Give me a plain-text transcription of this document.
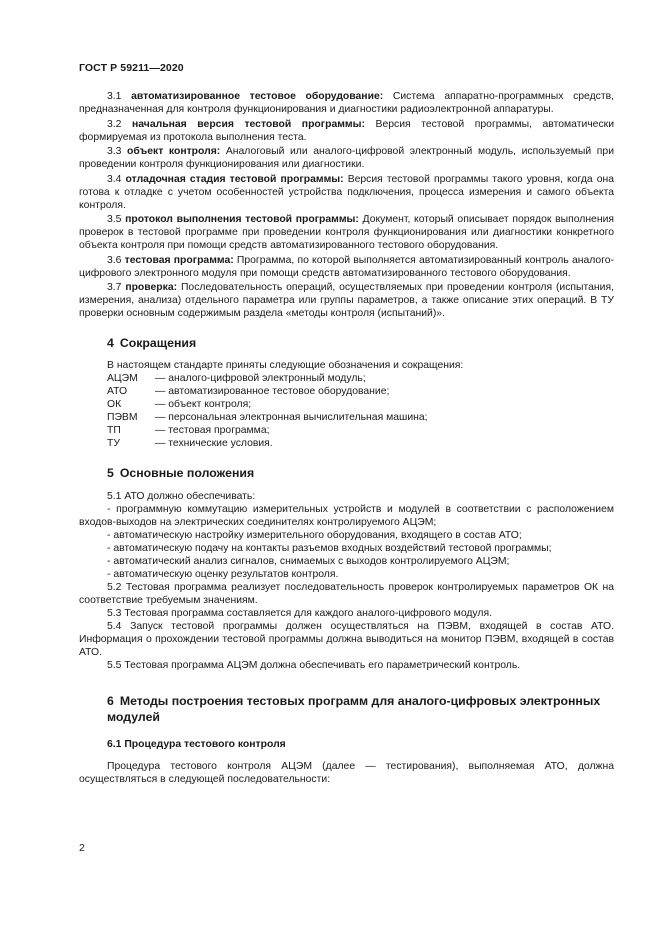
ГОСТ Р 59211—2020

3.1 автоматизированное тестовое оборудование: Система аппаратно-программных средств, предназначенная для контроля функционирования и диагностики радиоэлектронной аппаратуры.

3.2 начальная версия тестовой программы: Версия тестовой программы, автоматически формируемая из протокола выполнения теста.

3.3 объект контроля: Аналоговый или аналого-цифровой электронный модуль, используемый при проведении контроля функционирования или диагностики.

3.4 отладочная стадия тестовой программы: Версия тестовой программы такого уровня, когда она готова к отладке с учетом особенностей устройства подключения, процесса измерения и самого объекта контроля.

3.5 протокол выполнения тестовой программы: Документ, который описывает порядок выполнения проверок в тестовой программе при проведении контроля функционирования или диагностики конкретного объекта контроля при помощи средств автоматизированного тестового оборудования.

3.6 тестовая программа: Программа, по которой выполняется автоматизированный контроль аналого-цифрового электронного модуля при помощи средств автоматизированного тестового оборудования.

3.7 проверка: Последовательность операций, осуществляемых при проведении контроля (испытания, измерения, анализа) отдельного параметра или группы параметров, а также описание этих операций. В ТУ проверки основным содержимым раздела «методы контроля (испытаний)».

4 Сокращения
В настоящем стандарте приняты следующие обозначения и сокращения:
АЦЭМ	— аналого-цифровой электронный модуль;
АТО	— автоматизированное тестовое оборудование;
ОК	— объект контроля;
ПЭВМ	— персональная электронная вычислительная машина;
ТП	— тестовая программа;
ТУ	— технические условия.
5 Основные положения

5.1 АТО должно обеспечивать:

- программную коммутацию измерительных устройств и модулей в соответствии с расположением входов-выходов на электрических соединителях контролируемого АЦЭМ;

- автоматическую настройку измерительного оборудования, входящего в состав АТО;

- автоматическую подачу на контакты разъемов входных воздействий тестовой программы;

- автоматический анализ сигналов, снимаемых с выходов контролируемого АЦЭМ;

- автоматическую оценку результатов контроля.

5.2 Тестовая программа реализует последовательность проверок контролируемых параметров ОК на соответствие требуемым значениям.

5.3 Тестовая программа составляется для каждого аналого-цифрового модуля.

5.4 Запуск тестовой программы должен осуществляться на ПЭВМ, входящей в состав АТО. Информация о прохождении тестовой программы должна выводиться на монитор ПЭВМ, входящей в состав АТО.

5.5 Тестовая программа АЦЭМ должна обеспечивать его параметрический контроль.

6 Методы построения тестовых программ для аналого-цифровых электронных модулей
6.1 Процедура тестового контроля

Процедура тестового контроля АЦЭМ (далее — тестирования), выполняемая АТО, должна осуществляться в следующей последовательности:

2
